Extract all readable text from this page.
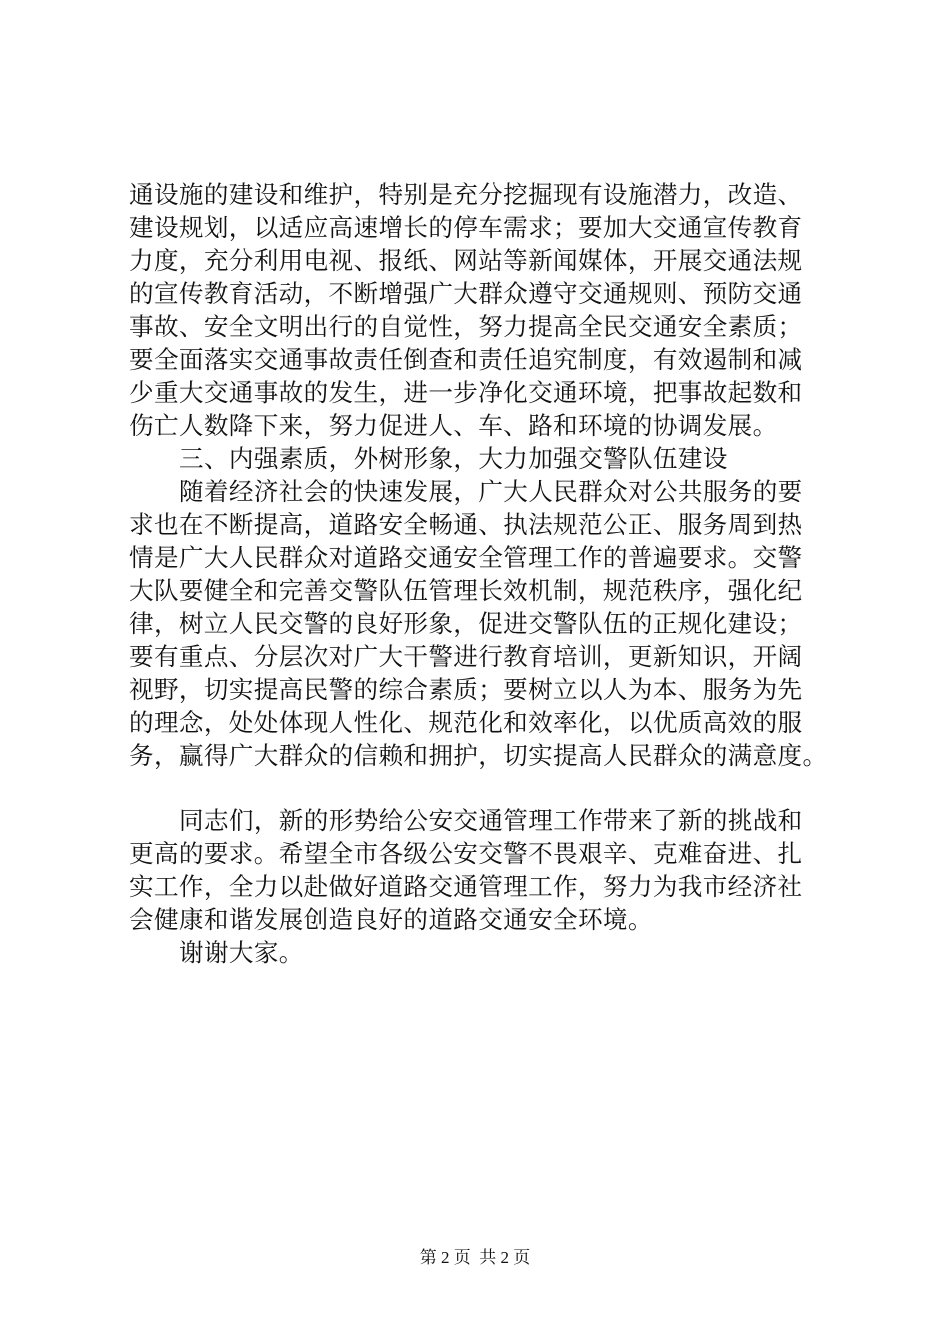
通设施的建设和维护，特别是充分挖掘现有设施潜力，改造、
建设规划，以适应高速增长的停车需求；要加大交通宣传教育
力度，充分利用电视、报纸、网站等新闻媒体，开展交通法规
的宣传教育活动，不断增强广大群众遵守交通规则、预防交通
事故、安全文明出行的自觉性，努力提高全民交通安全素质；
要全面落实交通事故责任倒查和责任追究制度，有效遏制和减
少重大交通事故的发生，进一步净化交通环境，把事故起数和
伤亡人数降下来，努力促进人、车、路和环境的协调发展。
三、内强素质，外树形象，大力加强交警队伍建设
随着经济社会的快速发展，广大人民群众对公共服务的要
求也在不断提高，道路安全畅通、执法规范公正、服务周到热
情是广大人民群众对道路交通安全管理工作的普遍要求。交警
大队要健全和完善交警队伍管理长效机制，规范秩序，强化纪
律，树立人民交警的良好形象，促进交警队伍的正规化建设；
要有重点、分层次对广大干警进行教育培训，更新知识，开阔
视野，切实提高民警的综合素质；要树立以人为本、服务为先
的理念，处处体现人性化、规范化和效率化，以优质高效的服
务，赢得广大群众的信赖和拥护，切实提高人民群众的满意度。
同志们，新的形势给公安交通管理工作带来了新的挑战和
更高的要求。希望全市各级公安交警不畏艰辛、克难奋进、扎
实工作，全力以赴做好道路交通管理工作，努力为我市经济社
会健康和谐发展创造良好的道路交通安全环境。
谢谢大家。
第 2 页  共 2 页
